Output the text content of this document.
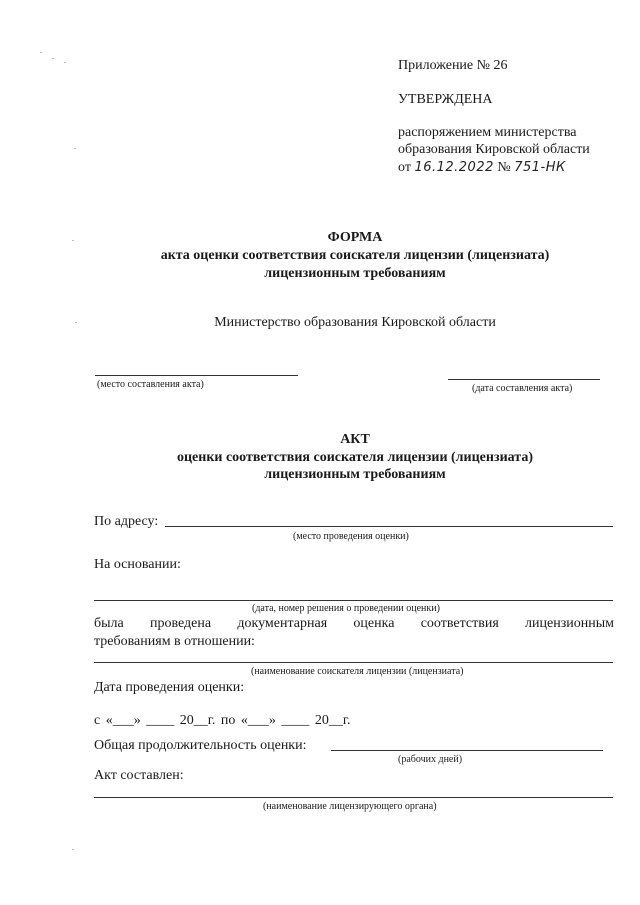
Приложение № 26
УТВЕРЖДЕНА
распоряжением министерства
образования Кировской области
от 16.12.2022 № 751-НК
ФОРМА
акта оценки соответствия соискателя лицензии (лицензиата)
лицензионным требованиям
Министерство образования Кировской области
(место составления акта)	(дата составления акта)
АКТ
оценки соответствия соискателя лицензии (лицензиата)
лицензионным требованиям
По адресу:
(место проведения оценки)
На основании:
(дата, номер решения о проведении оценки)
была проведена документарная оценка соответствия лицензионным
требованиям в отношении:
(наименование соискателя лицензии (лицензиата)
Дата проведения оценки:
с «___» ____ 20__г. по «___» ____ 20__г.
Общая продолжительность оценки:
(рабочих дней)
Акт составлен:
(наименование лицензирующего органа)
